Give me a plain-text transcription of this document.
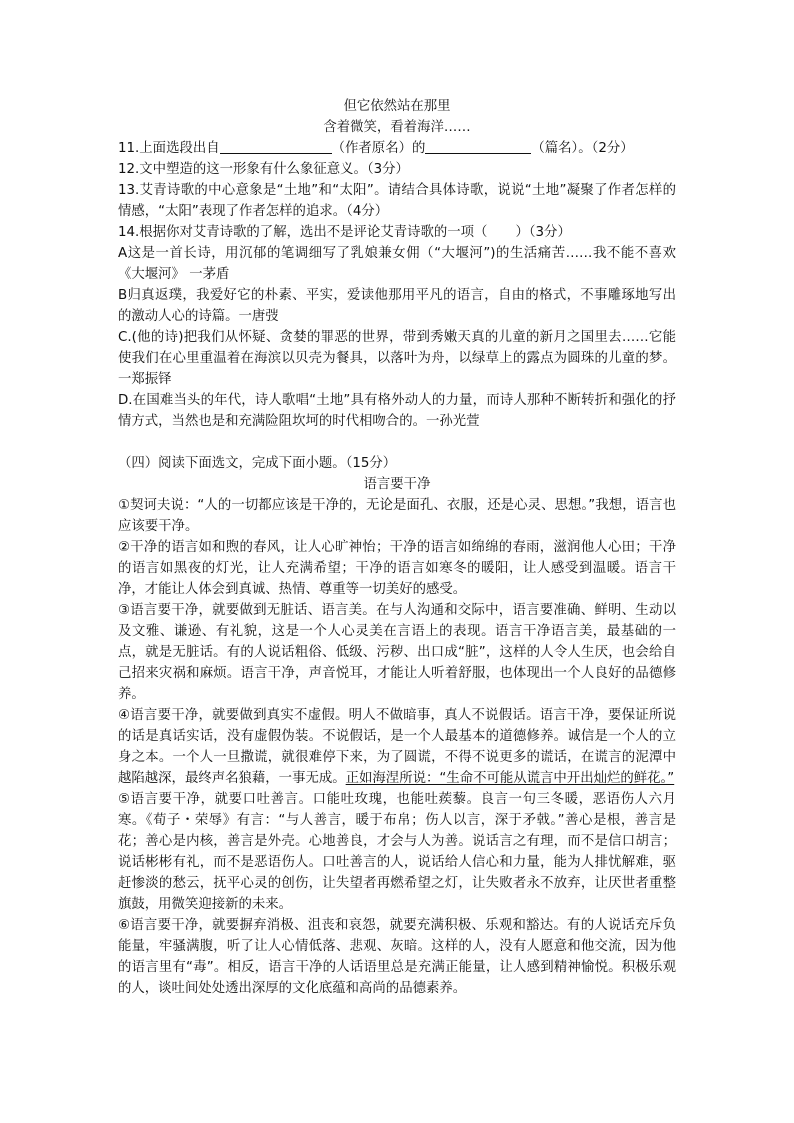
但它依然站在那里
含着微笑，看着海洋……
11.上面选段出自	（作者原名）的	（篇名）。（2分）

12.文中塑造的这一形象有什么象征意义。（3分）

13.艾青诗歌的中心意象是“土地”和“太阳”。请结合具体诗歌，说说“土地”凝聚了作者怎样的情感，“太阳”表现了作者怎样的追求。（4分）

14.根据你对艾青诗歌的了解，选出不是评论艾青诗歌的一项（ ）（3分）

A这是一首长诗，用沉郁的笔调细写了乳娘兼女佣（“大堰河”)的生活痛苦……我不能不喜欢《大堰河》 一茅盾

B归真返璞，我爱好它的朴素、平实，爱读他那用平凡的语言，自由的格式，不事雕琢地写出的激动人心的诗篇。一唐弢

C.(他的诗)把我们从怀疑、贪婪的罪恶的世界，带到秀嫩天真的儿童的新月之国里去……它能使我们在心里重温着在海滨以贝壳为餐具，以落叶为舟，以绿草上的露点为圆珠的儿童的梦。一郑振铎

D.在国难当头的年代，诗人歌唱“土地”具有格外动人的力量，而诗人那种不断转折和强化的抒情方式，当然也是和充满险阻坎坷的时代相吻合的。一孙光萱

（四）阅读下面选文，完成下面小题。（15分）
语言要干净

①契诃夫说：“人的一切都应该是干净的，无论是面孔、衣服，还是心灵、思想。”我想，语言也应该要干净。

②干净的语言如和煦的春风，让人心旷神怡；干净的语言如绵绵的春雨，滋润他人心田；干净的语言如黑夜的灯光，让人充满希望；干净的语言如寒冬的暖阳，让人感受到温暖。语言干净，才能让人体会到真诚、热情、尊重等一切美好的感受。

③语言要干净，就要做到无脏话、语言美。在与人沟通和交际中，语言要准确、鲜明、生动以及文雅、谦逊、有礼貌，这是一个人心灵美在言语上的表现。语言干净语言美，最基础的一点，就是无脏话。有的人说话粗俗、低级、污秽、出口成“脏”，这样的人令人生厌，也会给自己招来灾祸和麻烦。语言干净，声音悦耳，才能让人听着舒服，也体现出一个人良好的品德修养。

④语言要干净，就要做到真实不虚假。明人不做暗事，真人不说假话。语言干净，要保证所说的话是真话实话，没有虚假伪装。不说假话，是一个人最基本的道德修养。诚信是一个人的立身之本。一个人一旦撒谎，就很难停下来，为了圆谎，不得不说更多的谎话，在谎言的泥潭中越陷越深，最终声名狼藉，一事无成。正如海涅所说：“生命不可能从谎言中开出灿烂的鲜花。”

⑤语言要干净，就要口吐善言。口能吐玫瑰，也能吐蒺藜。良言一句三冬暖，恶语伤人六月寒。《荀子・荣辱》有言：“与人善言，暖于布帛；伤人以言，深于矛戟。”善心是根，善言是花；善心是内核，善言是外壳。心地善良，才会与人为善。说话言之有理，而不是信口胡言；说话彬彬有礼，而不是恶语伤人。口吐善言的人，说话给人信心和力量，能为人排忧解难，驱赶惨淡的愁云，抚平心灵的创伤，让失望者再燃希望之灯，让失败者永不放弃，让厌世者重整旗鼓，用微笑迎接新的未来。

⑥语言要干净，就要摒弃消极、沮丧和哀怨，就要充满积极、乐观和豁达。有的人说话充斥负能量，牢骚满腹，听了让人心情低落、悲观、灰暗。这样的人，没有人愿意和他交流，因为他的语言里有“毒”。相反，语言干净的人话语里总是充满正能量，让人感到精神愉悦。积极乐观的人，谈吐间处处透出深厚的文化底蕴和高尚的品德素养。
